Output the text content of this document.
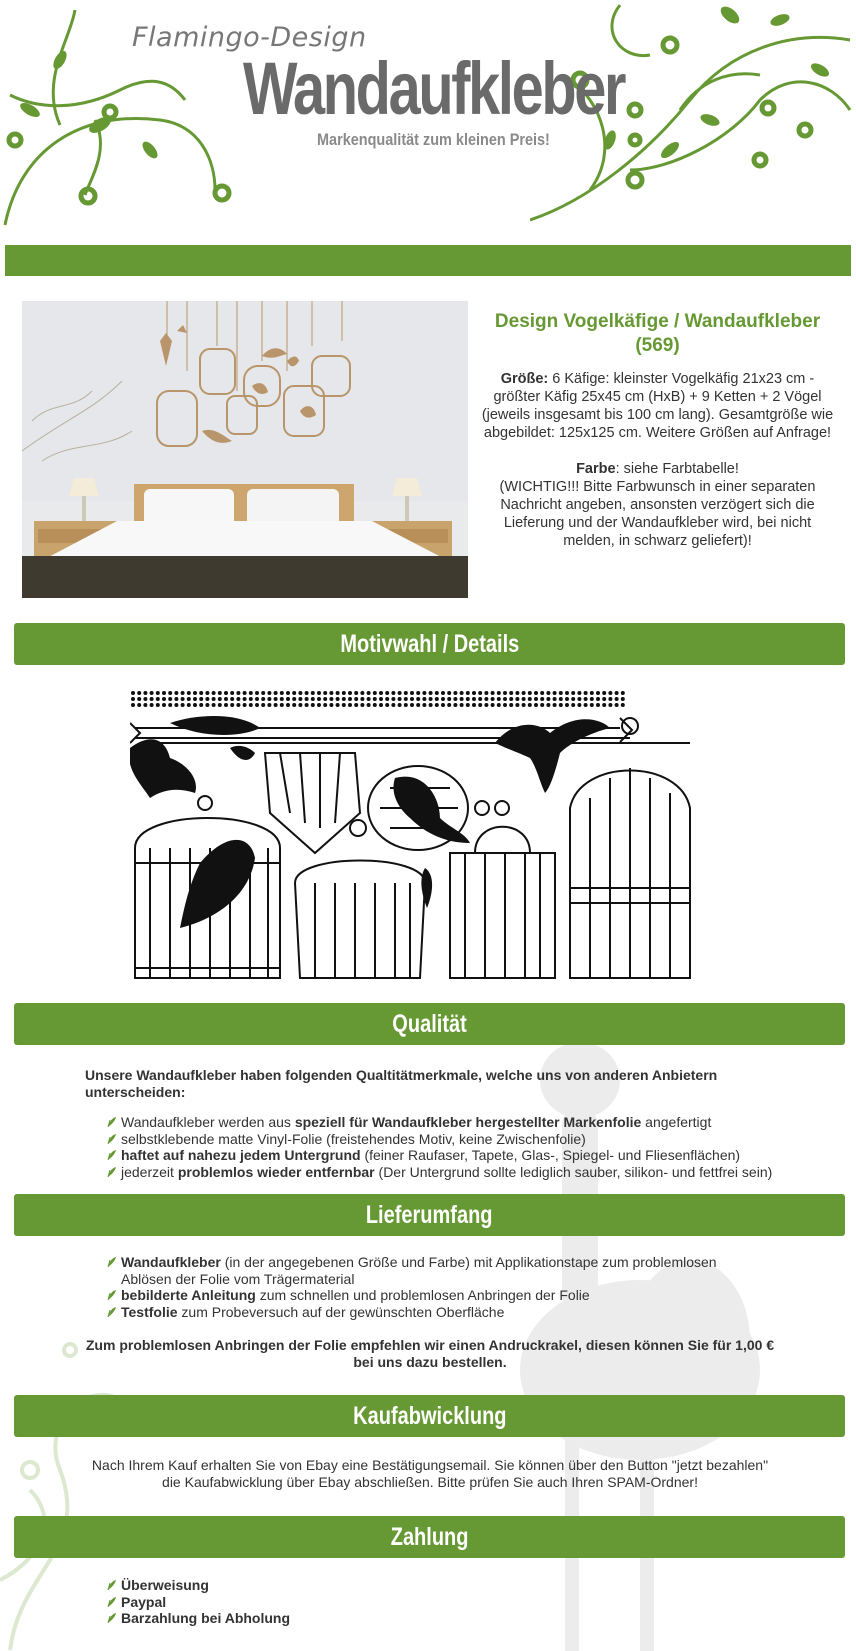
Flamingo-Design
Wandaufkleber
Markenqualität zum kleinen Preis!
Design Vogelkäfige / Wandaufkleber (569)
Größe: 6 Käfige: kleinster Vogelkäfig 21x23 cm - größter Käfig 25x45 cm (HxB) + 9 Ketten + 2 Vögel (jeweils insgesamt bis 100 cm lang). Gesamtgröße wie abgebildet: 125x125 cm. Weitere Größen auf Anfrage!
Farbe: siehe Farbtabelle!
(WICHTIG!!! Bitte Farbwunsch in einer separaten Nachricht angeben, ansonsten verzögert sich die Lieferung und der Wandaufkleber wird, bei nicht melden, in schwarz geliefert)!
Motivwahl / Details
Qualität
Unsere Wandaufkleber haben folgenden Qualtitätmerkmale, welche uns von anderen Anbietern unterscheiden:
Wandaufkleber werden aus speziell für Wandaufkleber hergestellter Markenfolie angefertigt
selbstklebende matte Vinyl-Folie (freistehendes Motiv, keine Zwischenfolie)
haftet auf nahezu jedem Untergrund (feiner Raufaser, Tapete, Glas-, Spiegel- und Fliesenflächen)
jederzeit problemlos wieder entfernbar (Der Untergrund sollte lediglich sauber, silikon- und fettfrei sein)
Lieferumfang
Wandaufkleber (in der angegebenen Größe und Farbe) mit Applikationstape zum problemlosen Ablösen der Folie vom Trägermaterial
bebilderte Anleitung zum schnellen und problemlosen Anbringen der Folie
Testfolie zum Probeversuch auf der gewünschten Oberfläche
Zum problemlosen Anbringen der Folie empfehlen wir einen Andruckrakel, diesen können Sie für 1,00 € bei uns dazu bestellen.
Kaufabwicklung
Nach Ihrem Kauf erhalten Sie von Ebay eine Bestätigungsemail. Sie können über den Button "jetzt bezahlen" die Kaufabwicklung über Ebay abschließen. Bitte prüfen Sie auch Ihren SPAM-Ordner!
Zahlung
Überweisung
Paypal
Barzahlung bei Abholung
